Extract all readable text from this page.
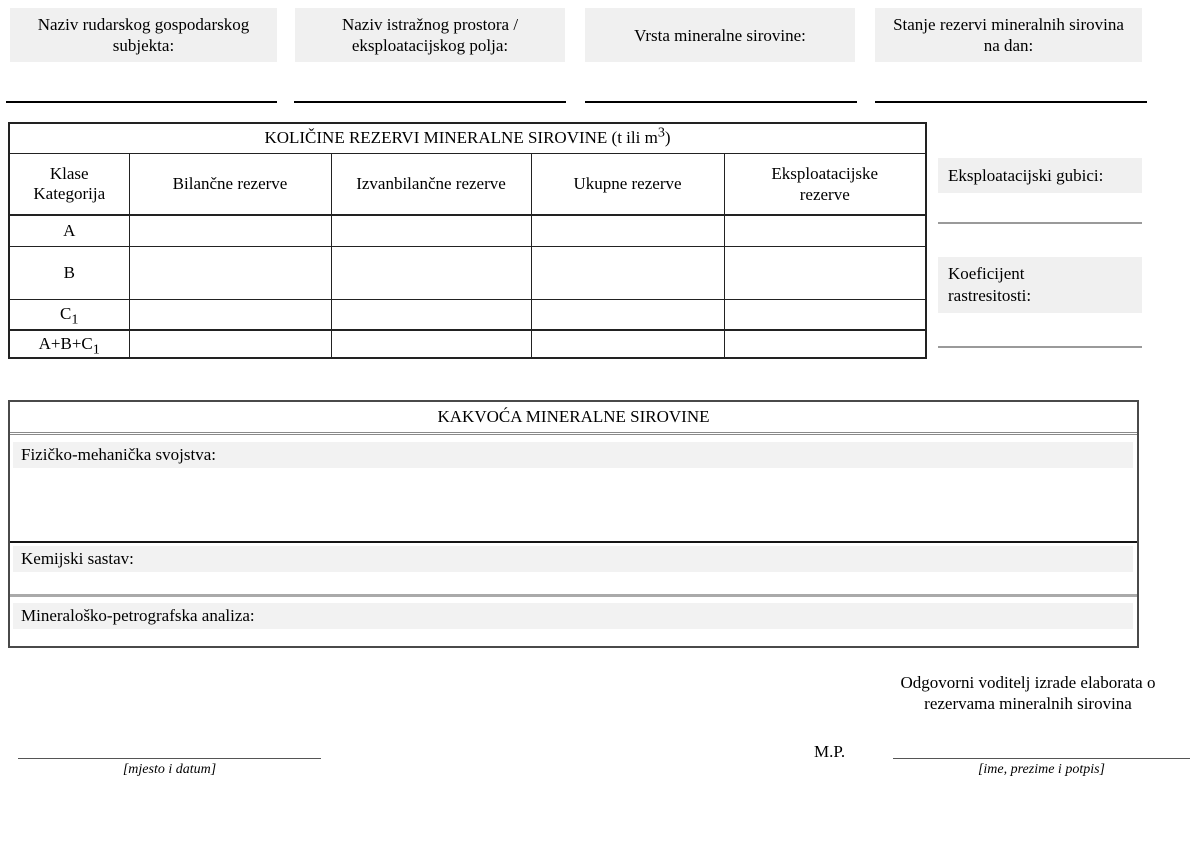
Naziv rudarskog gospodarskog subjekta:
Naziv istražnog prostora / eksploatacijskog polja:
Vrsta mineralne sirovine:
Stanje rezervi mineralnih sirovina na dan:
KOLIČINE REZERVI MINERALNE SIROVINE (t ili $m^3$)				
Klase Kategorija	Bilančne rezerve	Izvanbilančne rezerve	Ukupne rezerve	Eksploatacijske rezerve
A				
B				
$C_1$				
$A+B+C_1$				
Eksploatacijski gubici:
Koeficijent rastresitosti:
KAKVOĆA MINERALNE SIROVINE
Fizičko-mehanička svojstva:
Kemijski sastav:
Mineraloško-petrografska analiza:
Odgovorni voditelj izrade elaborata o rezervama mineralnih sirovina
M.P.
[mjesto i datum]	[ime, prezime i potpis]
